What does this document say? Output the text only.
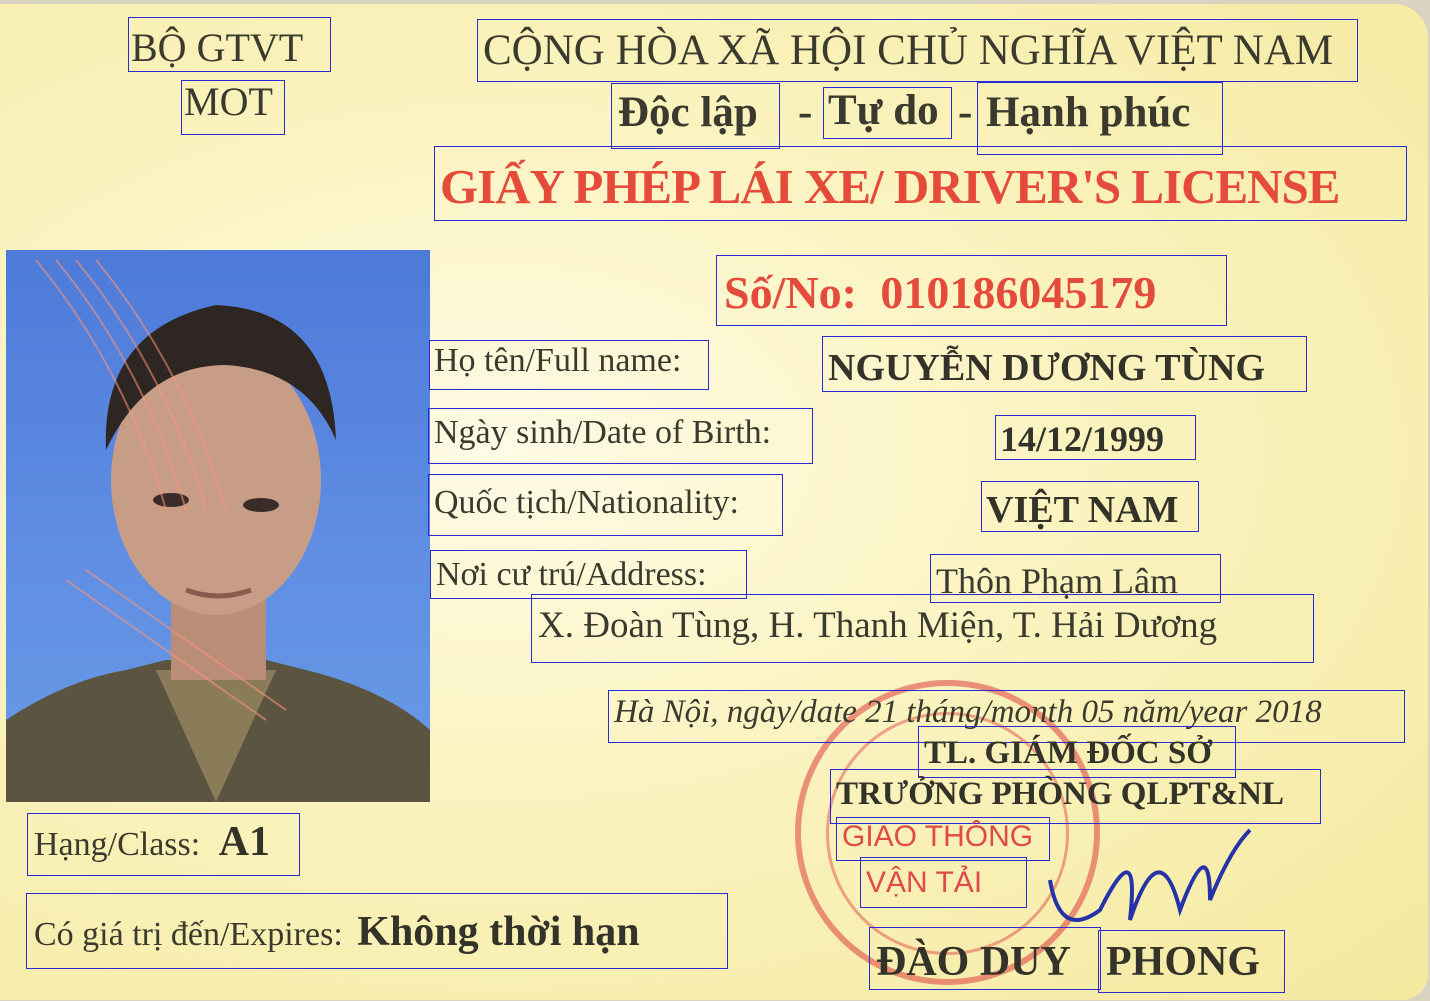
BỘ GTVT
MOT
CỘNG HÒA XÃ HỘI CHỦ NGHĨA VIỆT NAM
Độc lập - Tự do - Hạnh phúc
GIẤY PHÉP LÁI XE/ DRIVER'S LICENSE
Số/No: 010186045179
Họ tên/Full name:	NGUYỄN DƯƠNG TÙNG
Ngày sinh/Date of Birth:	14/12/1999
Quốc tịch/Nationality:	VIỆT NAM
Nơi cư trú/Address:	Thôn Phạm Lâm
X. Đoàn Tùng, H. Thanh Miện, T. Hải Dương
Hà Nội, ngày/date 21 tháng/month 05 năm/year 2018
TL. GIÁM ĐỐC SỞ
TRƯỞNG PHÒNG QLPT&NL
GIAO THÔNG
VẬN TẢI
ĐÀO DUY PHONG
Hạng/Class: A1
Có giá trị đến/Expires: Không thời hạn
